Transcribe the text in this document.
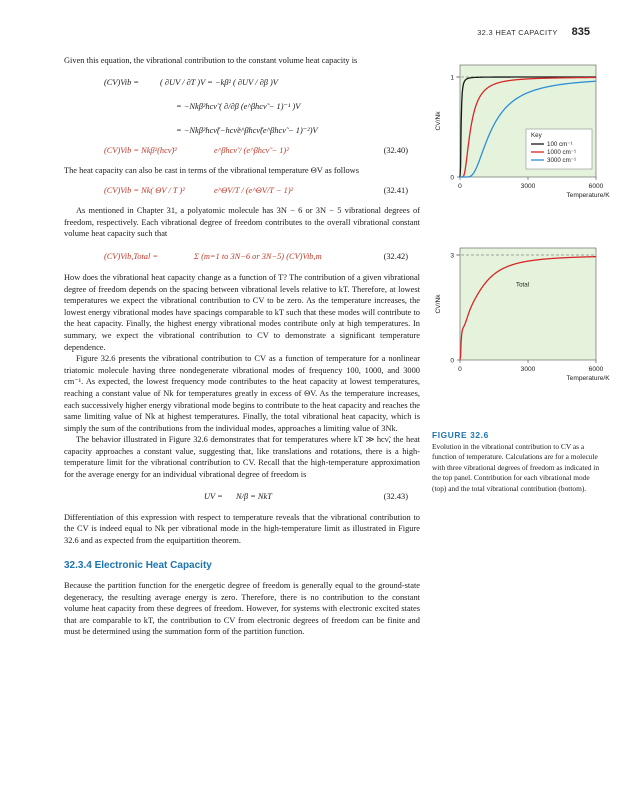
32.3 HEAT CAPACITY 835

Given this equation, the vibrational contribution to the constant volume heat capacity is

(CV)Vib = ( ∂UV / ∂T )V = −kβ² ( ∂UV / ∂β )V
= −Nkβ²hcν̃ ( ∂/∂β (e^βhcν̃ − 1)⁻¹ )V
= −Nkβ²hcν̃(−hcν̃e^βhcν̃(e^βhcν̃ − 1)⁻²)V
(CV)Vib = Nkβ²(hcν̃)²	e^βhcν̃ / (e^βhcν̃ − 1)²	(32.40)

The heat capacity can also be cast in terms of the vibrational temperature ΘV as follows

(CV)Vib = Nk( ΘV / T )²	e^ΘV/T / (e^ΘV/T − 1)²	(32.41)

As mentioned in Chapter 31, a polyatomic molecule has 3N − 6 or 3N − 5 vibrational degrees of freedom, respectively. Each vibrational degree of freedom contributes to the overall vibrational constant volume heat capacity such that

(CV)Vib,Total =	Σ (m=1 to 3N−6 or 3N−5) (CV)Vib,m	(32.42)

How does the vibrational heat capacity change as a function of T? The contribution of a given vibrational degree of freedom depends on the spacing between vibrational levels relative to kT. Therefore, at lowest temperatures we expect the vibrational contribution to CV to be zero. As the temperature increases, the lowest energy vibrational modes have spacings comparable to kT such that these modes will contribute to the heat capacity. Finally, the highest energy vibrational modes contribute only at high temperatures. In summary, we expect the vibrational contribution to CV to demonstrate a significant temperature dependence.

Figure 32.6 presents the vibrational contribution to CV as a function of temperature for a nonlinear triatomic molecule having three nondegenerate vibrational modes of frequency 100, 1000, and 3000 cm⁻¹. As expected, the lowest frequency mode contributes to the heat capacity at lowest temperatures, reaching a constant value of Nk for temperatures greatly in excess of ΘV. As the temperature increases, each successively higher energy vibrational mode begins to contribute to the heat capacity and reaches the same limiting value of Nk at highest temperatures. Finally, the total vibrational heat capacity, which is simply the sum of the contributions from the individual modes, approaches a limiting value of 3Nk.

The behavior illustrated in Figure 32.6 demonstrates that for temperatures where kT ≫ hcν̃, the heat capacity approaches a constant value, suggesting that, like translations and rotations, there is a high-temperature limit for the vibrational contribution to CV. Recall that the high-temperature approximation for the average energy for an individual vibrational degree of freedom is

UV = N/β = NkT	(32.43)

Differentiation of this expression with respect to temperature reveals that the vibrational contribution to the CV is indeed equal to Nk per vibrational mode in the high-temperature limit as illustrated in Figure 32.6 and as expected from the equipartition theorem.

32.3.4 Electronic Heat Capacity

Because the partition function for the energetic degree of freedom is generally equal to the ground-state degeneracy, the resulting average energy is zero. Therefore, there is no contribution to the constant volume heat capacity from these degrees of freedom. However, for systems with electronic excited states that are comparable to kT, the contribution to CV from electronic degrees of freedom can be finite and must be determined using the summation form of the partition function.

0	3000	6000
0
1
Temperature/K
CV/Nk
Key
100 cm⁻¹
1000 cm⁻¹
3000 cm⁻¹
0	3000	6000
0
3
Temperature/K
CV/Nk
Total
FIGURE 32.6
Evolution in the vibrational contribution to CV as a function of temperature. Calculations are for a molecule with three vibrational degrees of freedom as indicated in the top panel. Contribution for each vibrational mode (top) and the total vibrational contribution (bottom).
